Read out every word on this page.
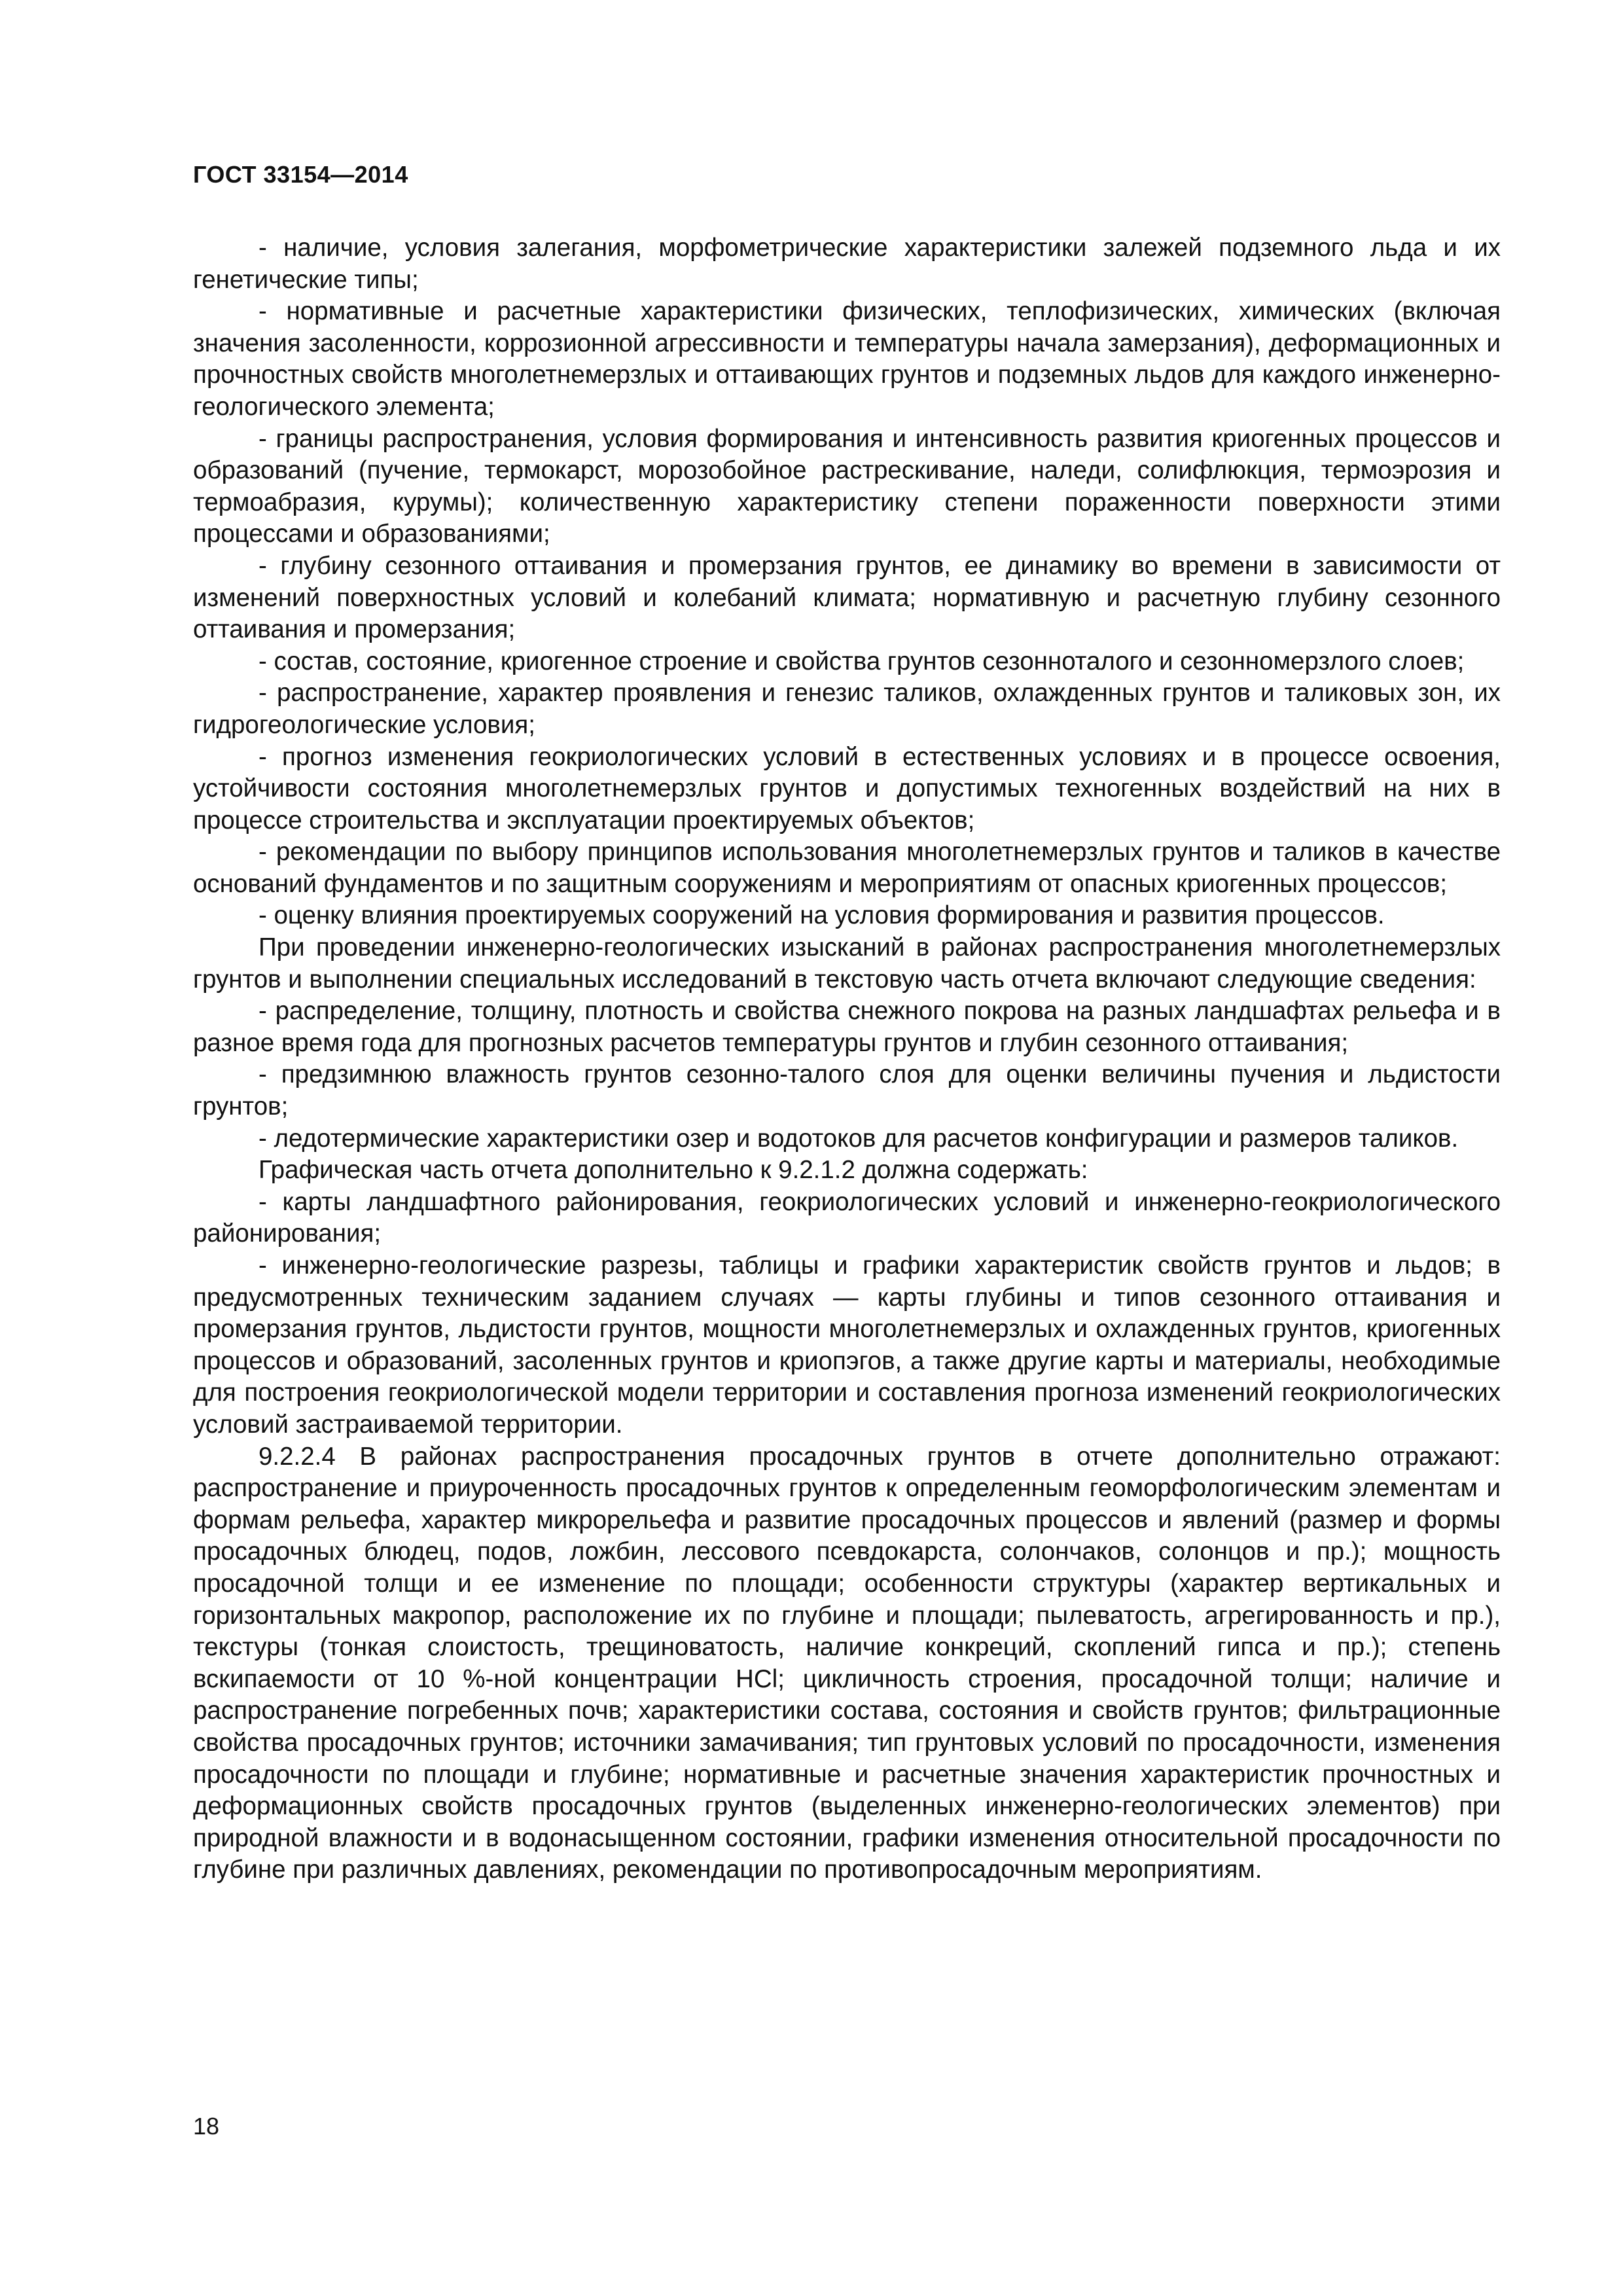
ГОСТ 33154—2014

- наличие, условия залегания, морфометрические характеристики залежей подземного льда и их генетические типы;

- нормативные и расчетные характеристики физических, теплофизических, химических (включая значения засоленности, коррозионной агрессивности и температуры начала замерзания), деформационных и прочностных свойств многолетнемерзлых и оттаивающих грунтов и подземных льдов для каждого инженерно-геологического элемента;

- границы распространения, условия формирования и интенсивность развития криогенных процессов и образований (пучение, термокарст, морозобойное растрескивание, наледи, солифлюкция, термоэрозия и термоабразия, курумы); количественную характеристику степени пораженности поверхности этими процессами и образованиями;

- глубину сезонного оттаивания и промерзания грунтов, ее динамику во времени в зависимости от изменений поверхностных условий и колебаний климата; нормативную и расчетную глубину сезонного оттаивания и промерзания;

- состав, состояние, криогенное строение и свойства грунтов сезонноталого и сезонномерзлого слоев;

- распространение, характер проявления и генезис таликов, охлажденных грунтов и таликовых зон, их гидрогеологические условия;

- прогноз изменения геокриологических условий в естественных условиях и в процессе освоения, устойчивости состояния многолетнемерзлых грунтов и допустимых техногенных воздействий на них в процессе строительства и эксплуатации проектируемых объектов;

- рекомендации по выбору принципов использования многолетнемерзлых грунтов и таликов в качестве оснований фундаментов и по защитным сооружениям и мероприятиям от опасных криогенных процессов;

- оценку влияния проектируемых сооружений на условия формирования и развития процессов.

При проведении инженерно-геологических изысканий в районах распространения многолетнемерзлых грунтов и выполнении специальных исследований в текстовую часть отчета включают следующие сведения:

- распределение, толщину, плотность и свойства снежного покрова на разных ландшафтах рельефа и в разное время года для прогнозных расчетов температуры грунтов и глубин сезонного оттаивания;

- предзимнюю влажность грунтов сезонно-талого слоя для оценки величины пучения и льдистости грунтов;

- ледотермические характеристики озер и водотоков для расчетов конфигурации и размеров таликов.

Графическая часть отчета дополнительно к 9.2.1.2 должна содержать:

- карты ландшафтного районирования, геокриологических условий и инженерно-геокриологического районирования;

- инженерно-геологические разрезы, таблицы и графики характеристик свойств грунтов и льдов; в предусмотренных техническим заданием случаях — карты глубины и типов сезонного оттаивания и промерзания грунтов, льдистости грунтов, мощности многолетнемерзлых и охлажденных грунтов, криогенных процессов и образований, засоленных грунтов и криопэгов, а также другие карты и материалы, необходимые для построения геокриологической модели территории и составления прогноза изменений геокриологических условий застраиваемой территории.

9.2.2.4 В районах распространения просадочных грунтов в отчете дополнительно отражают: распространение и приуроченность просадочных грунтов к определенным геоморфологическим элементам и формам рельефа, характер микрорельефа и развитие просадочных процессов и явлений (размер и формы просадочных блюдец, подов, ложбин, лессового псевдокарста, солончаков, солонцов и пр.); мощность просадочной толщи и ее изменение по площади; особенности структуры (характер вертикальных и горизонтальных макропор, расположение их по глубине и площади; пылеватость, агрегированность и пр.), текстуры (тонкая слоистость, трещиноватость, наличие конкреций, скоплений гипса и пр.); степень вскипаемости от 10 %-ной концентрации HCl; цикличность строения, просадочной толщи; наличие и распространение погребенных почв; характеристики состава, состояния и свойств грунтов; фильтрационные свойства просадочных грунтов; источники замачивания; тип грунтовых условий по просадочности, изменения просадочности по площади и глубине; нормативные и расчетные значения характеристик прочностных и деформационных свойств просадочных грунтов (выделенных инженерно-геологических элементов) при природной влажности и в водонасыщенном состоянии, графики изменения относительной просадочности по глубине при различных давлениях, рекомендации по противопросадочным мероприятиям.

18
